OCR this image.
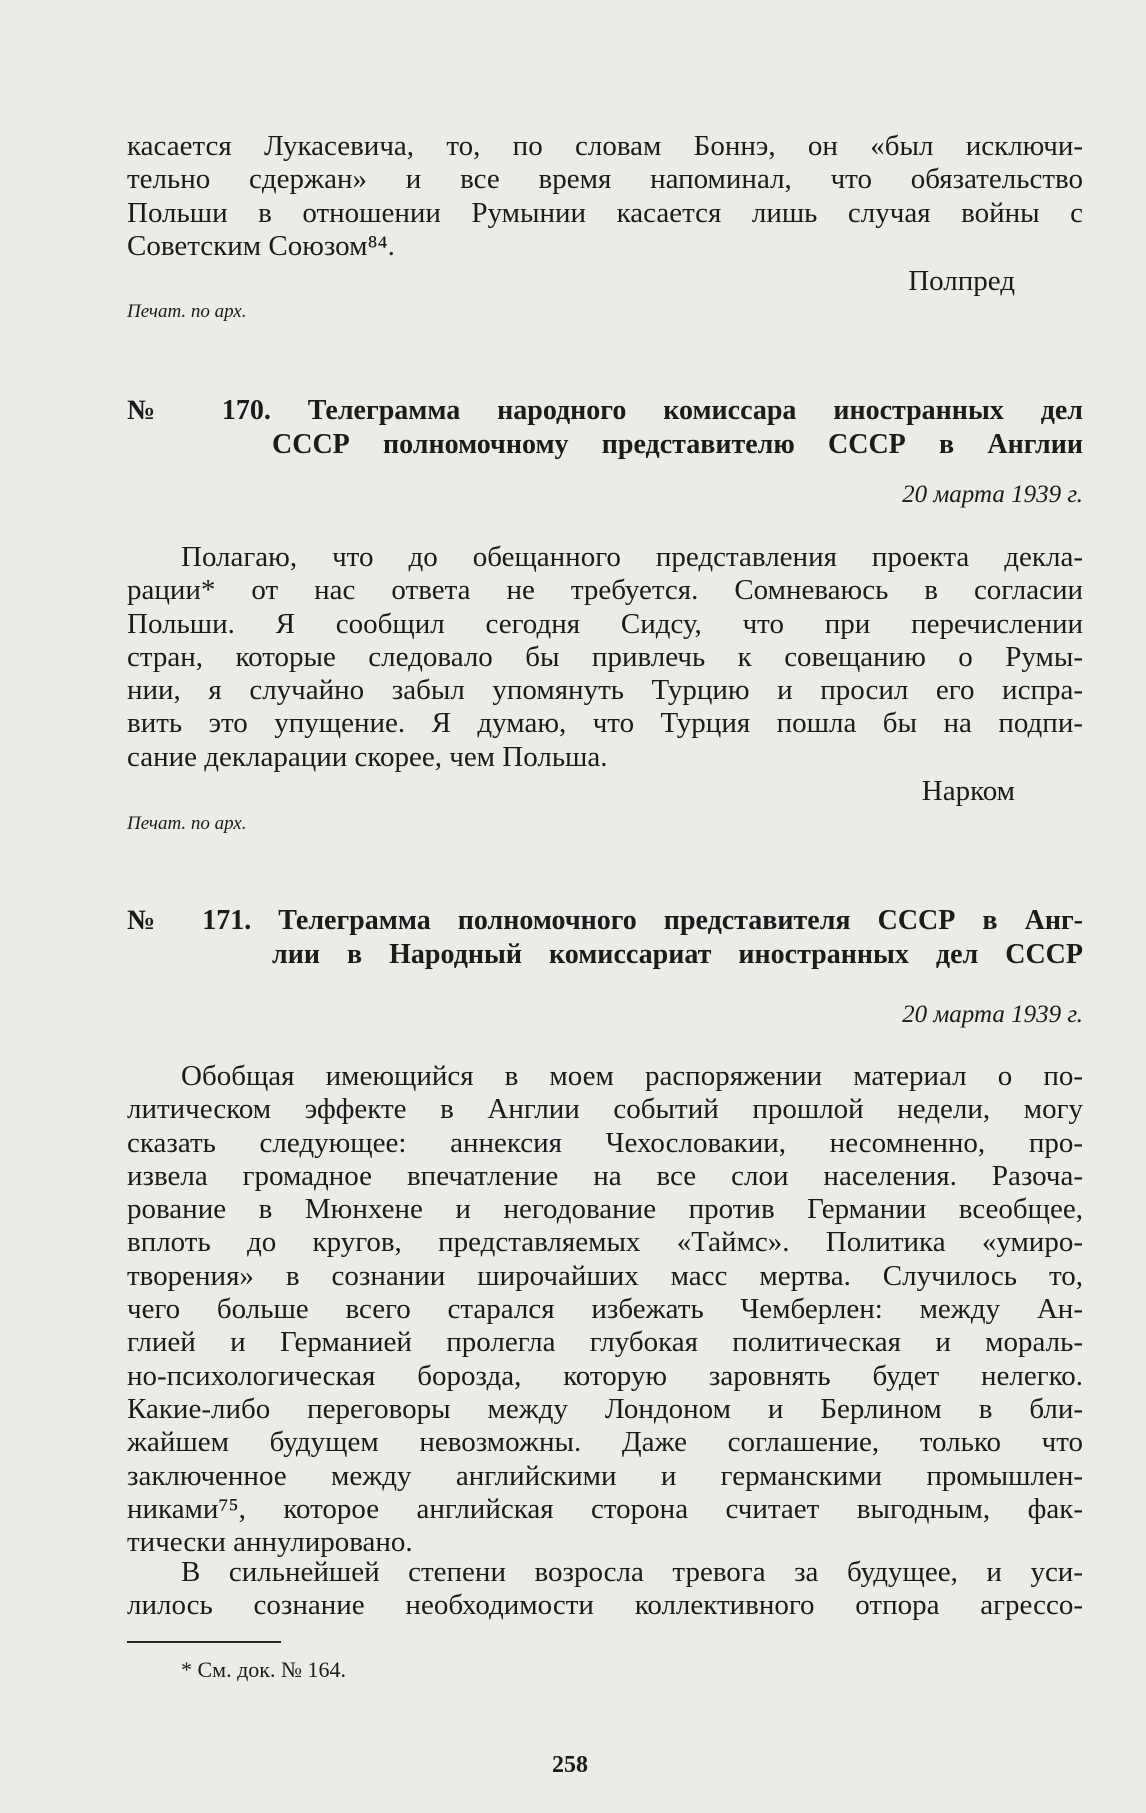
касается Лукасевича, то, по словам Боннэ, он «был исключи-
тельно сдержан» и все время напоминал, что обязательство
Польши в отношении Румынии касается лишь случая войны с
Советским Союзом⁸⁴.
Полпред
Печат. по арх.
№ 170. Телеграмма народного комиссара иностранных дел
СССР полномочному представителю СССР в Англии
20 марта 1939 г.
Полагаю, что до обещанного представления проекта декла-
рации* от нас ответа не требуется. Сомневаюсь в согласии
Польши. Я сообщил сегодня Сидсу, что при перечислении
стран, которые следовало бы привлечь к совещанию о Румы-
нии, я случайно забыл упомянуть Турцию и просил его испра-
вить это упущение. Я думаю, что Турция пошла бы на подпи-
сание декларации скорее, чем Польша.
Нарком
Печат. по арх.
№ 171. Телеграмма полномочного представителя СССР в Анг-
лии в Народный комиссариат иностранных дел СССР
20 марта 1939 г.
Обобщая имеющийся в моем распоряжении материал о по-
литическом эффекте в Англии событий прошлой недели, могу
сказать следующее: аннексия Чехословакии, несомненно, про-
извела громадное впечатление на все слои населения. Разоча-
рование в Мюнхене и негодование против Германии всеобщее,
вплоть до кругов, представляемых «Таймс». Политика «умиро-
творения» в сознании широчайших масс мертва. Случилось то,
чего больше всего старался избежать Чемберлен: между Ан-
глией и Германией пролегла глубокая политическая и мораль-
но-психологическая борозда, которую заровнять будет нелегко.
Какие-либо переговоры между Лондоном и Берлином в бли-
жайшем будущем невозможны. Даже соглашение, только что
заключенное между английскими и германскими промышлен-
никами⁷⁵, которое английская сторона считает выгодным, фак-
тически аннулировано.
В сильнейшей степени возросла тревога за будущее, и уси-
лилось сознание необходимости коллективного отпора агрессо-
* См. док. № 164.
258
